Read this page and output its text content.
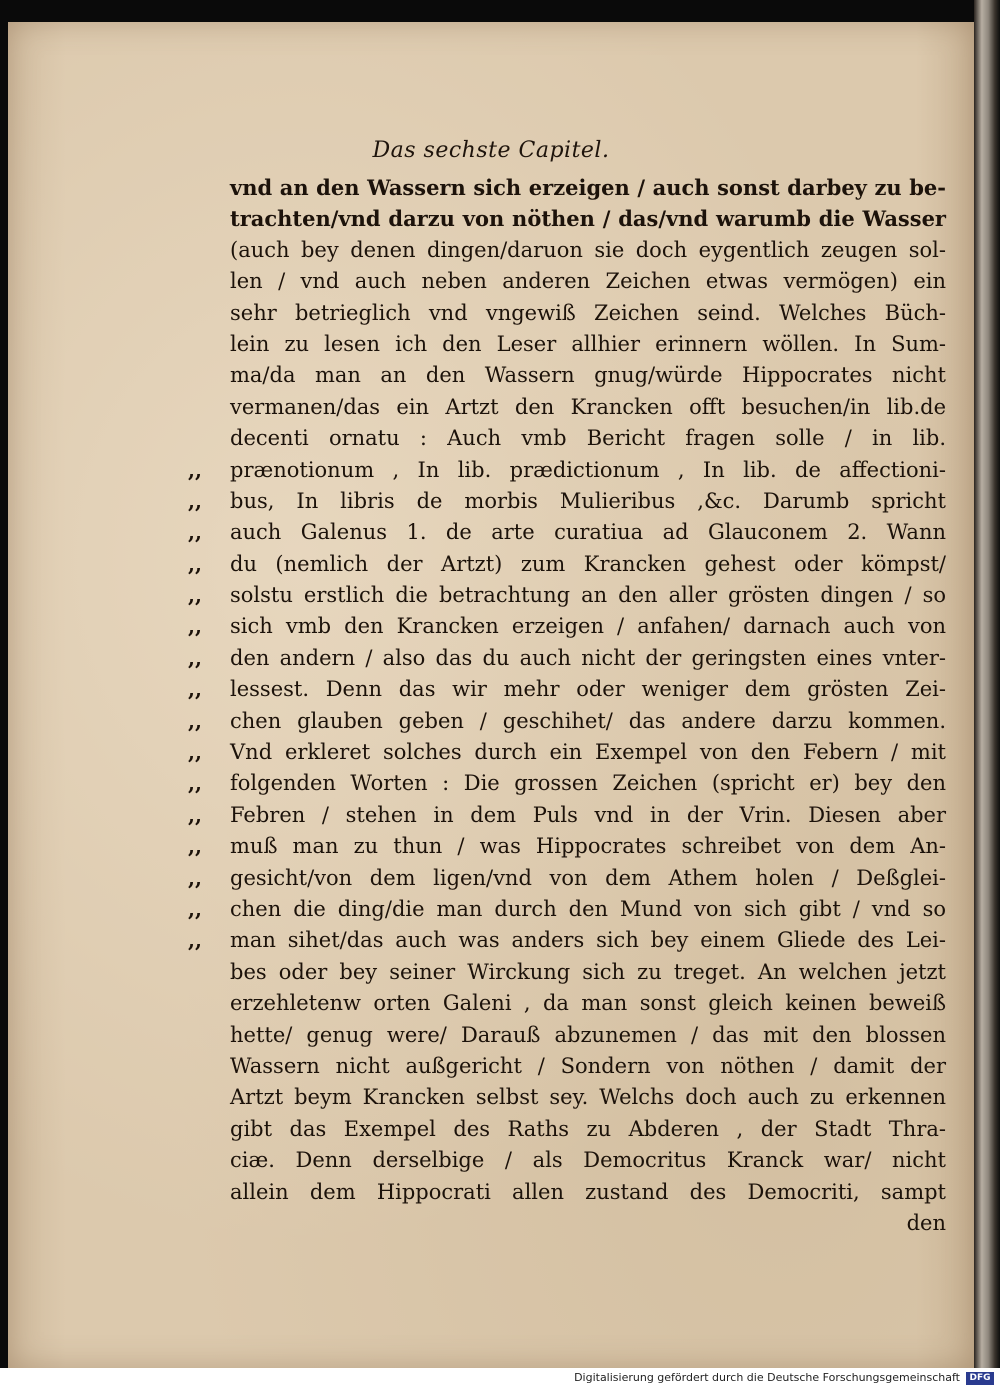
Das sechste Capitel.
vnd an den Wassern sich erzeigen / auch sonst darbey zu be-
trachten/vnd darzu von nöthen / das/vnd warumb die Wasser
(auch bey denen dingen/daruon sie doch eygentlich zeugen sol-
len / vnd auch neben anderen Zeichen etwas vermögen) ein
sehr betrieglich vnd vngewiß Zeichen seind. Welches Büch-
lein zu lesen ich den Leser allhier erinnern wöllen. In Sum-
ma/da man an den Wassern gnug/würde Hippocrates nicht
vermanen/das ein Artzt den Krancken offt besuchen/in lib.de
decenti ornatu : Auch vmb Bericht fragen solle / in lib.
,,	prænotionum , In lib. prædictionum , In lib. de affectioni-
,,	bus, In libris de morbis Mulieribus ,&c. Darumb spricht
,,	auch Galenus 1. de arte curatiua ad Glauconem 2. Wann
,,	du (nemlich der Artzt) zum Krancken gehest oder kömpst/
,,	solstu erstlich die betrachtung an den aller grösten dingen / so
,,	sich vmb den Krancken erzeigen / anfahen/ darnach auch von
,,	den andern / also das du auch nicht der geringsten eines vnter-
,,	lessest. Denn das wir mehr oder weniger dem grösten Zei-
,,	chen glauben geben / geschihet/ das andere darzu kommen.
,,	Vnd erkleret solches durch ein Exempel von den Febern / mit
,,	folgenden Worten : Die grossen Zeichen (spricht er) bey den
,,	Febren / stehen in dem Puls vnd in der Vrin. Diesen aber
,,	muß man zu thun / was Hippocrates schreibet von dem An-
,,	gesicht/von dem ligen/vnd von dem Athem holen / Deßglei-
,,	chen die ding/die man durch den Mund von sich gibt / vnd so
,,	man sihet/das auch was anders sich bey einem Gliede des Lei-
bes oder bey seiner Wirckung sich zu treget. An welchen jetzt
erzehletenw orten Galeni , da man sonst gleich keinen beweiß
hette/ genug were/ Darauß abzunemen / das mit den blossen
Wassern nicht außgericht / Sondern von nöthen / damit der
Artzt beym Krancken selbst sey. Welchs doch auch zu erkennen
gibt das Exempel des Raths zu Abderen , der Stadt Thra-
ciæ. Denn derselbige / als Democritus Kranck war/ nicht
allein dem Hippocrati allen zustand des Democriti, sampt
den
Digitalisierung gefördert durch die Deutsche Forschungsgemeinschaft	DFG
